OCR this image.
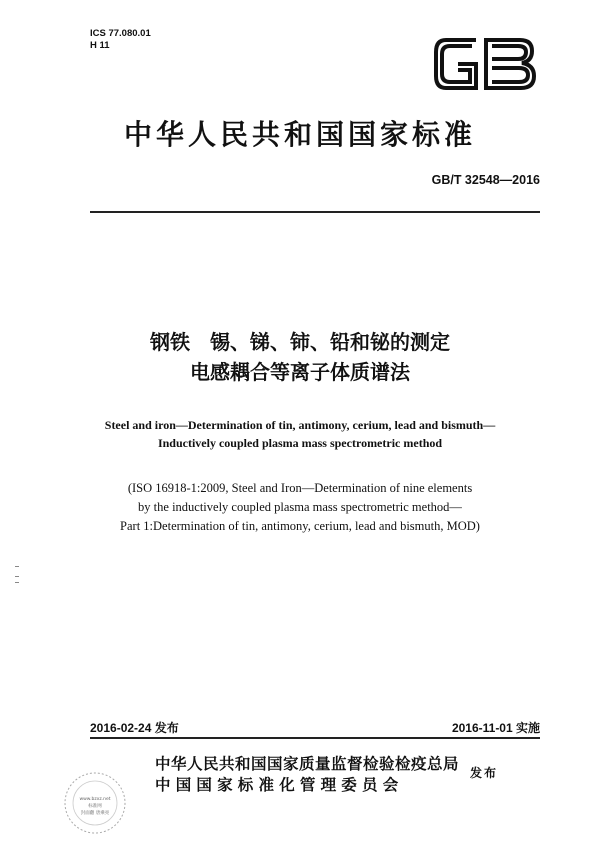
ICS 77.080.01
H 11
中华人民共和国国家标准
GB/T 32548—2016
钢铁　锡、锑、铈、铅和铋的测定
电感耦合等离子体质谱法
Steel and iron—Determination of tin, antimony, cerium, lead and bismuth—
Inductively coupled plasma mass spectrometric method
(ISO 16918-1:2009, Steel and Iron—Determination of nine elements
by the inductively coupled plasma mass spectrometric method—
Part 1:Determination of tin, antimony, cerium, lead and bismuth, MOD)
2016-02-24 发布	2016-11-01 实施
中华人民共和国国家质量监督检验检疫总局
中国国家标准化管理委员会
发布
www.bzxz.net
标准网
封面翻 唐乘亮
